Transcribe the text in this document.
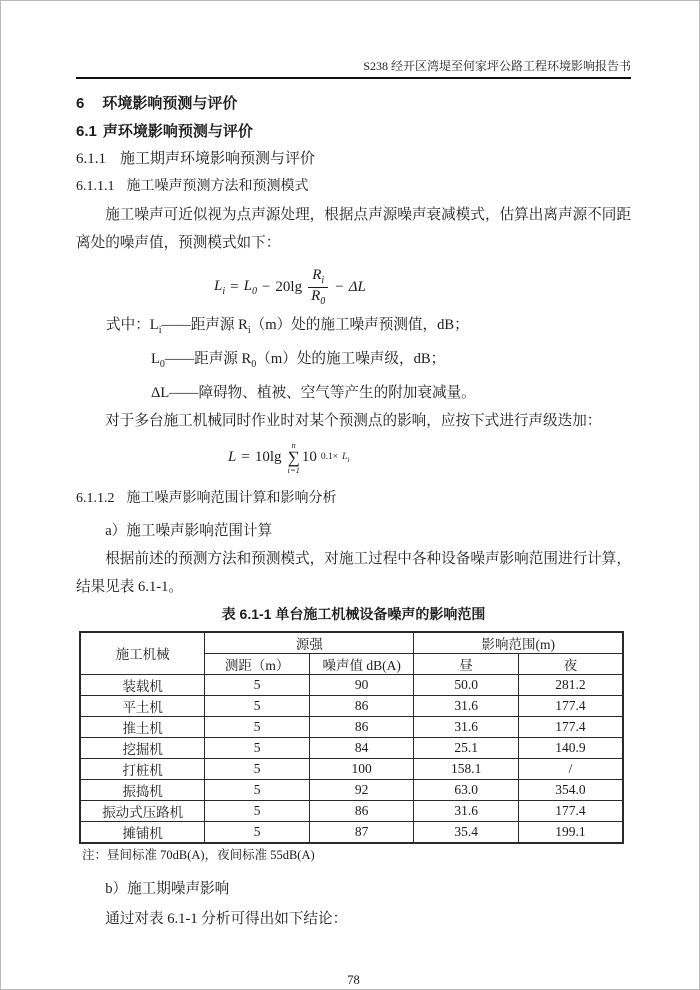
S238 经开区湾堤至何家坪公路工程环境影响报告书
6 环境影响预测与评价
6.1 声环境影响预测与评价
6.1.1 施工期声环境影响预测与评价
6.1.1.1 施工噪声预测方法和预测模式

施工噪声可近似视为点声源处理，根据点声源噪声衰减模式，估算出离声源不同距离处的噪声值，预测模式如下：

$L_i = L_0 - 20\lg \frac{R_i}{R_0} - \Delta L$
式中：$L_i——$距声源 $R_i(m)$处的施工噪声预测值，dB；
$L_0——$距声源 $R_0(m)$处的施工噪声级，dB；
ΔL——障碍物、植被、空气等产生的附加衰减量。
对于多台施工机械同时作业时对某个预测点的影响，应按下式进行声级迭加：
L = 10lg
n
∑
i=1
10 $0.1\times L_i$
6.1.1.2 施工噪声影响范围计算和影响分析
a）施工噪声影响范围计算

根据前述的预测方法和预测模式，对施工过程中各种设备噪声影响范围进行计算，结果见表 6.1-1。

表 6.1-1 单台施工机械设备噪声的影响范围
施工机械	源强		影响范围(m)	
	测距（m）	噪声值 dB(A)	昼	夜
装载机	5	90	50.0	281.2
平土机	5	86	31.6	177.4
推土机	5	86	31.6	177.4
挖掘机	5	84	25.1	140.9
打桩机	5	100	158.1	/
振捣机	5	92	63.0	354.0
振动式压路机	5	86	31.6	177.4
摊铺机	5	87	35.4	199.1
注：昼间标准 70dB(A)，夜间标准 55dB(A)
b）施工期噪声影响
通过对表 6.1-1 分析可得出如下结论：
78
